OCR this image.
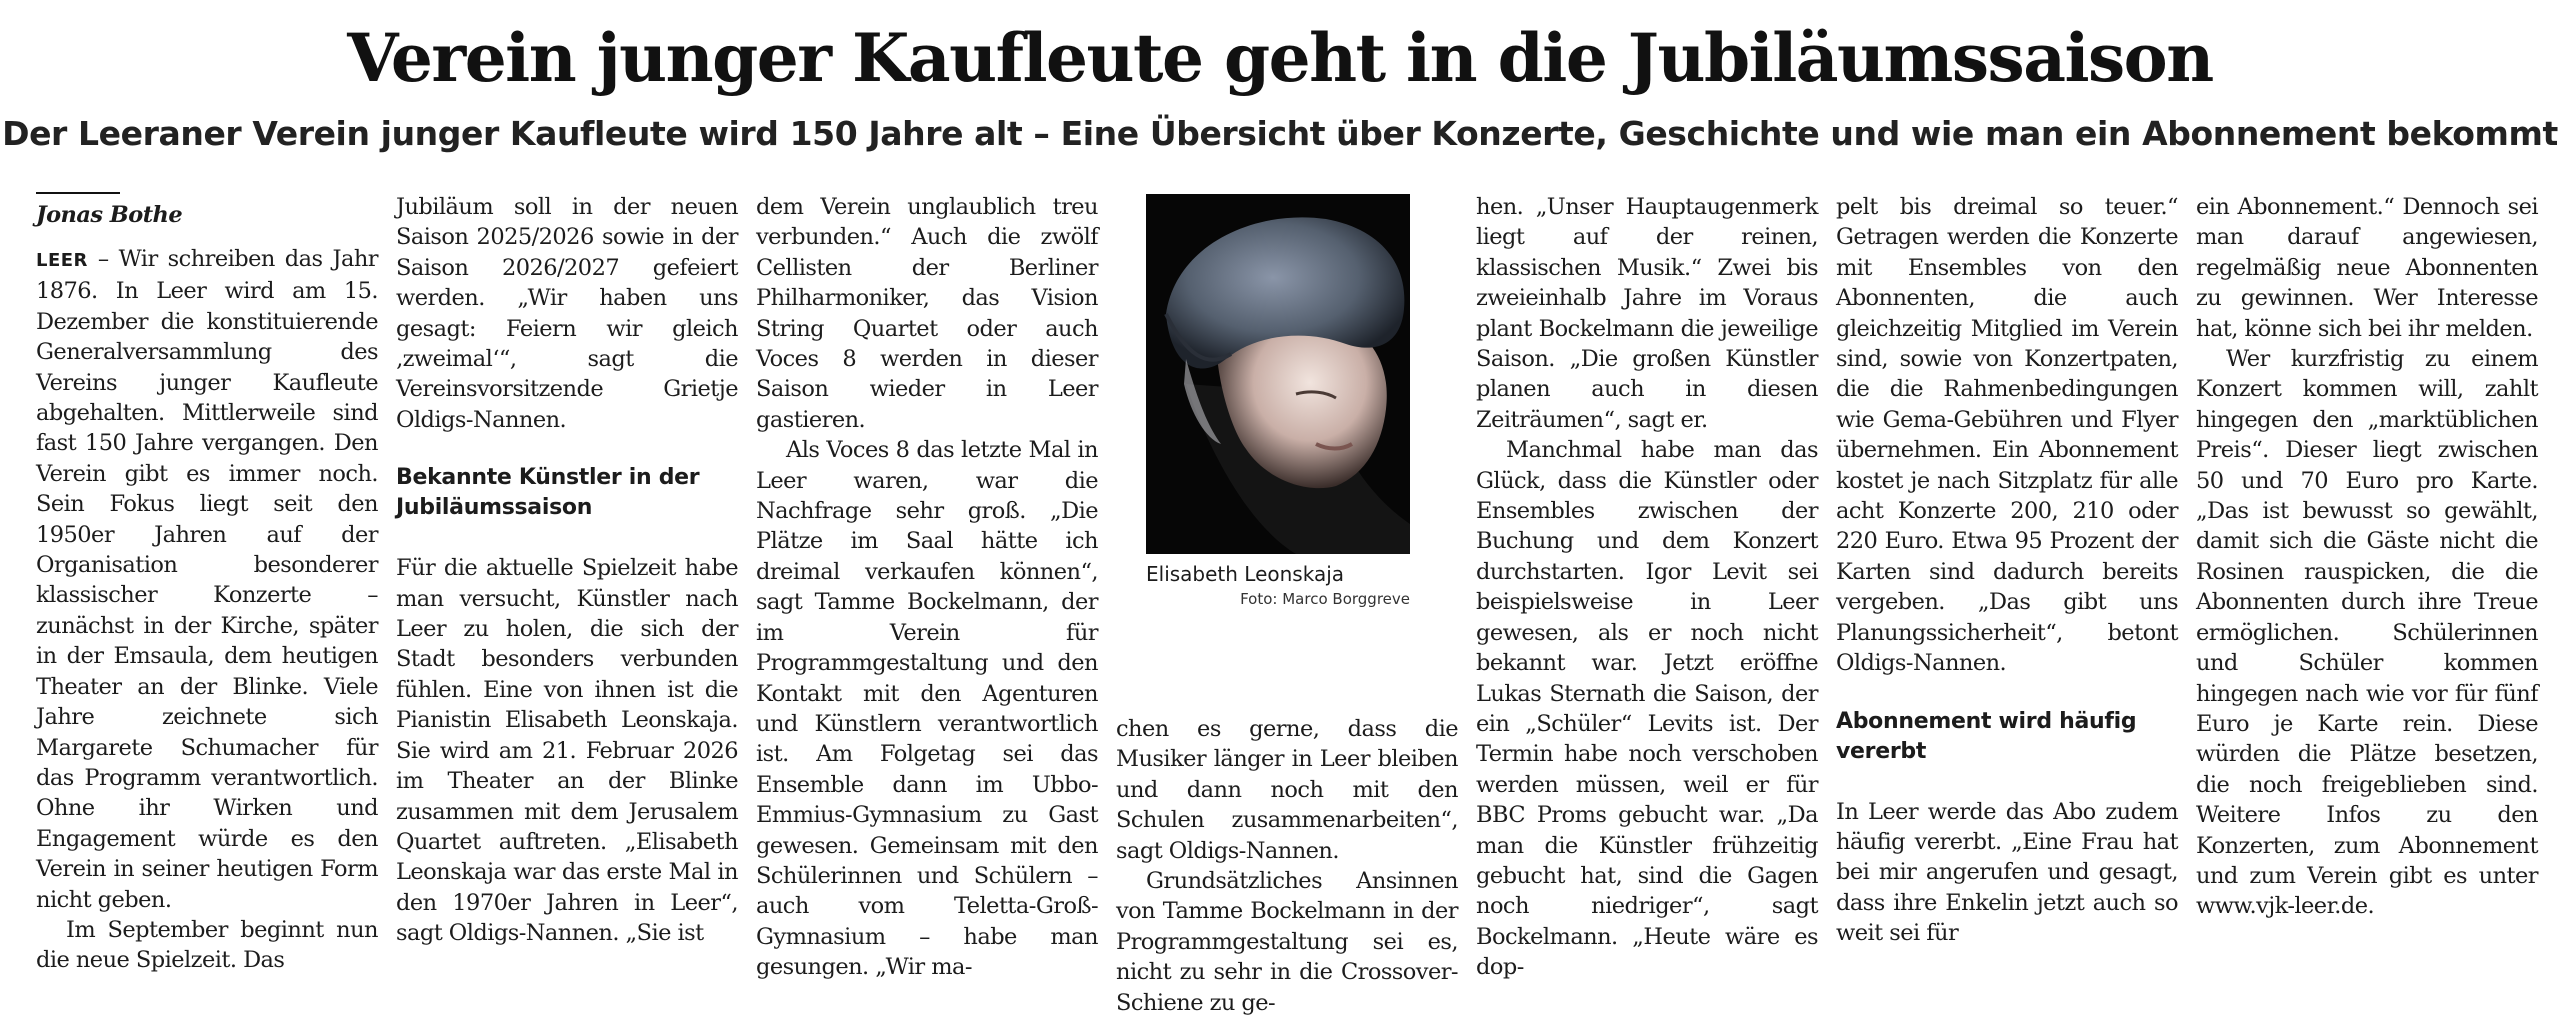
Verein junger Kaufleute geht in die Jubiläumssaison
Der Leeraner Verein junger Kaufleute wird 150 Jahre alt – Eine Übersicht über Konzerte, Geschichte und wie man ein Abonnement bekommt
Jonas Bothe

LEER – Wir schreiben das Jahr 1876. In Leer wird am 15. Dezember die konstituierende Generalversammlung des Vereins junger Kaufleute abgehalten. Mittlerweile sind fast 150 Jahre vergangen. Den Verein gibt es immer noch. Sein Fokus liegt seit den 1950er Jahren auf der Organisation besonderer klassischer Konzerte – zunächst in der Kirche, später in der Emsaula, dem heutigen Theater an der Blinke. Viele Jahre zeichnete sich Margarete Schumacher für das Programm verantwortlich. Ohne ihr Wirken und Engagement würde es den Verein in seiner heutigen Form nicht geben.

Im September beginnt nun die neue Spielzeit. Das

Jubiläum soll in der neuen Saison 2025/2026 sowie in der Saison 2026/2027 gefeiert werden. „Wir haben uns gesagt: Feiern wir gleich ‚zweimal‘“, sagt die Vereinsvorsitzende Grietje Oldigs-Nannen.

Bekannte Künstler in der Jubiläumssaison

Für die aktuelle Spielzeit habe man versucht, Künstler nach Leer zu holen, die sich der Stadt besonders verbunden fühlen. Eine von ihnen ist die Pianistin Elisabeth Leonskaja. Sie wird am 21. Februar 2026 im Theater an der Blinke zusammen mit dem Jerusalem Quartet auftreten. „Elisabeth Leonskaja war das erste Mal in den 1970er Jahren in Leer“, sagt Oldigs-Nannen. „Sie ist

dem Verein unglaublich treu verbunden.“ Auch die zwölf Cellisten der Berliner Philharmoniker, das Vision String Quartet oder auch Voces 8 werden in dieser Saison wieder in Leer gastieren.

Als Voces 8 das letzte Mal in Leer waren, war die Nachfrage sehr groß. „Die Plätze im Saal hätte ich dreimal verkaufen können“, sagt Tamme Bockelmann, der im Verein für Programmgestaltung und den Kontakt mit den Agenturen und Künstlern verantwortlich ist. Am Folgetag sei das Ensemble dann im Ubbo-Emmius-Gymnasium zu Gast gewesen. Gemeinsam mit den Schülerinnen und Schülern – auch vom Teletta-Groß-Gymnasium – habe man gesungen. „Wir ma-

Elisabeth Leonskaja
Foto: Marco Borggreve

chen es gerne, dass die Musiker länger in Leer bleiben und dann noch mit den Schulen zusammenarbeiten“, sagt Oldigs-Nannen.

Grundsätzliches Ansinnen von Tamme Bockelmann in der Programmgestaltung sei es, nicht zu sehr in die Crossover-Schiene zu ge-

hen. „Unser Hauptaugenmerk liegt auf der reinen, klassischen Musik.“ Zwei bis zweieinhalb Jahre im Voraus plant Bockelmann die jeweilige Saison. „Die großen Künstler planen auch in diesen Zeiträumen“, sagt er.

Manchmal habe man das Glück, dass die Künstler oder Ensembles zwischen der Buchung und dem Konzert durchstarten. Igor Levit sei beispielsweise in Leer gewesen, als er noch nicht bekannt war. Jetzt eröffne Lukas Sternath die Saison, der ein „Schüler“ Levits ist. Der Termin habe noch verschoben werden müssen, weil er für BBC Proms gebucht war. „Da man die Künstler frühzeitig gebucht hat, sind die Gagen noch niedriger“, sagt Bockelmann. „Heute wäre es dop-

pelt bis dreimal so teuer.“ Getragen werden die Konzerte mit Ensembles von den Abonnenten, die auch gleichzeitig Mitglied im Verein sind, sowie von Konzertpaten, die die Rahmenbedingungen wie Gema-Gebühren und Flyer übernehmen. Ein Abonnement kostet je nach Sitzplatz für alle acht Konzerte 200, 210 oder 220 Euro. Etwa 95 Prozent der Karten sind dadurch bereits vergeben. „Das gibt uns Planungssicherheit“, betont Oldigs-Nannen.

Abonnement wird häufig vererbt

In Leer werde das Abo zudem häufig vererbt. „Eine Frau hat bei mir angerufen und gesagt, dass ihre Enkelin jetzt auch so weit sei für

ein Abonnement.“ Dennoch sei man darauf angewiesen, regelmäßig neue Abonnenten zu gewinnen. Wer Interesse hat, könne sich bei ihr melden.

Wer kurzfristig zu einem Konzert kommen will, zahlt hingegen den „marktüblichen Preis“. Dieser liegt zwischen 50 und 70 Euro pro Karte. „Das ist bewusst so gewählt, damit sich die Gäste nicht die Rosinen rauspicken, die die Abonnenten durch ihre Treue ermöglichen. Schülerinnen und Schüler kommen hingegen nach wie vor für fünf Euro je Karte rein. Diese würden die Plätze besetzen, die noch freigeblieben sind. Weitere Infos zu den Konzerten, zum Abonnement und zum Verein gibt es unter www.vjk-leer.de.
